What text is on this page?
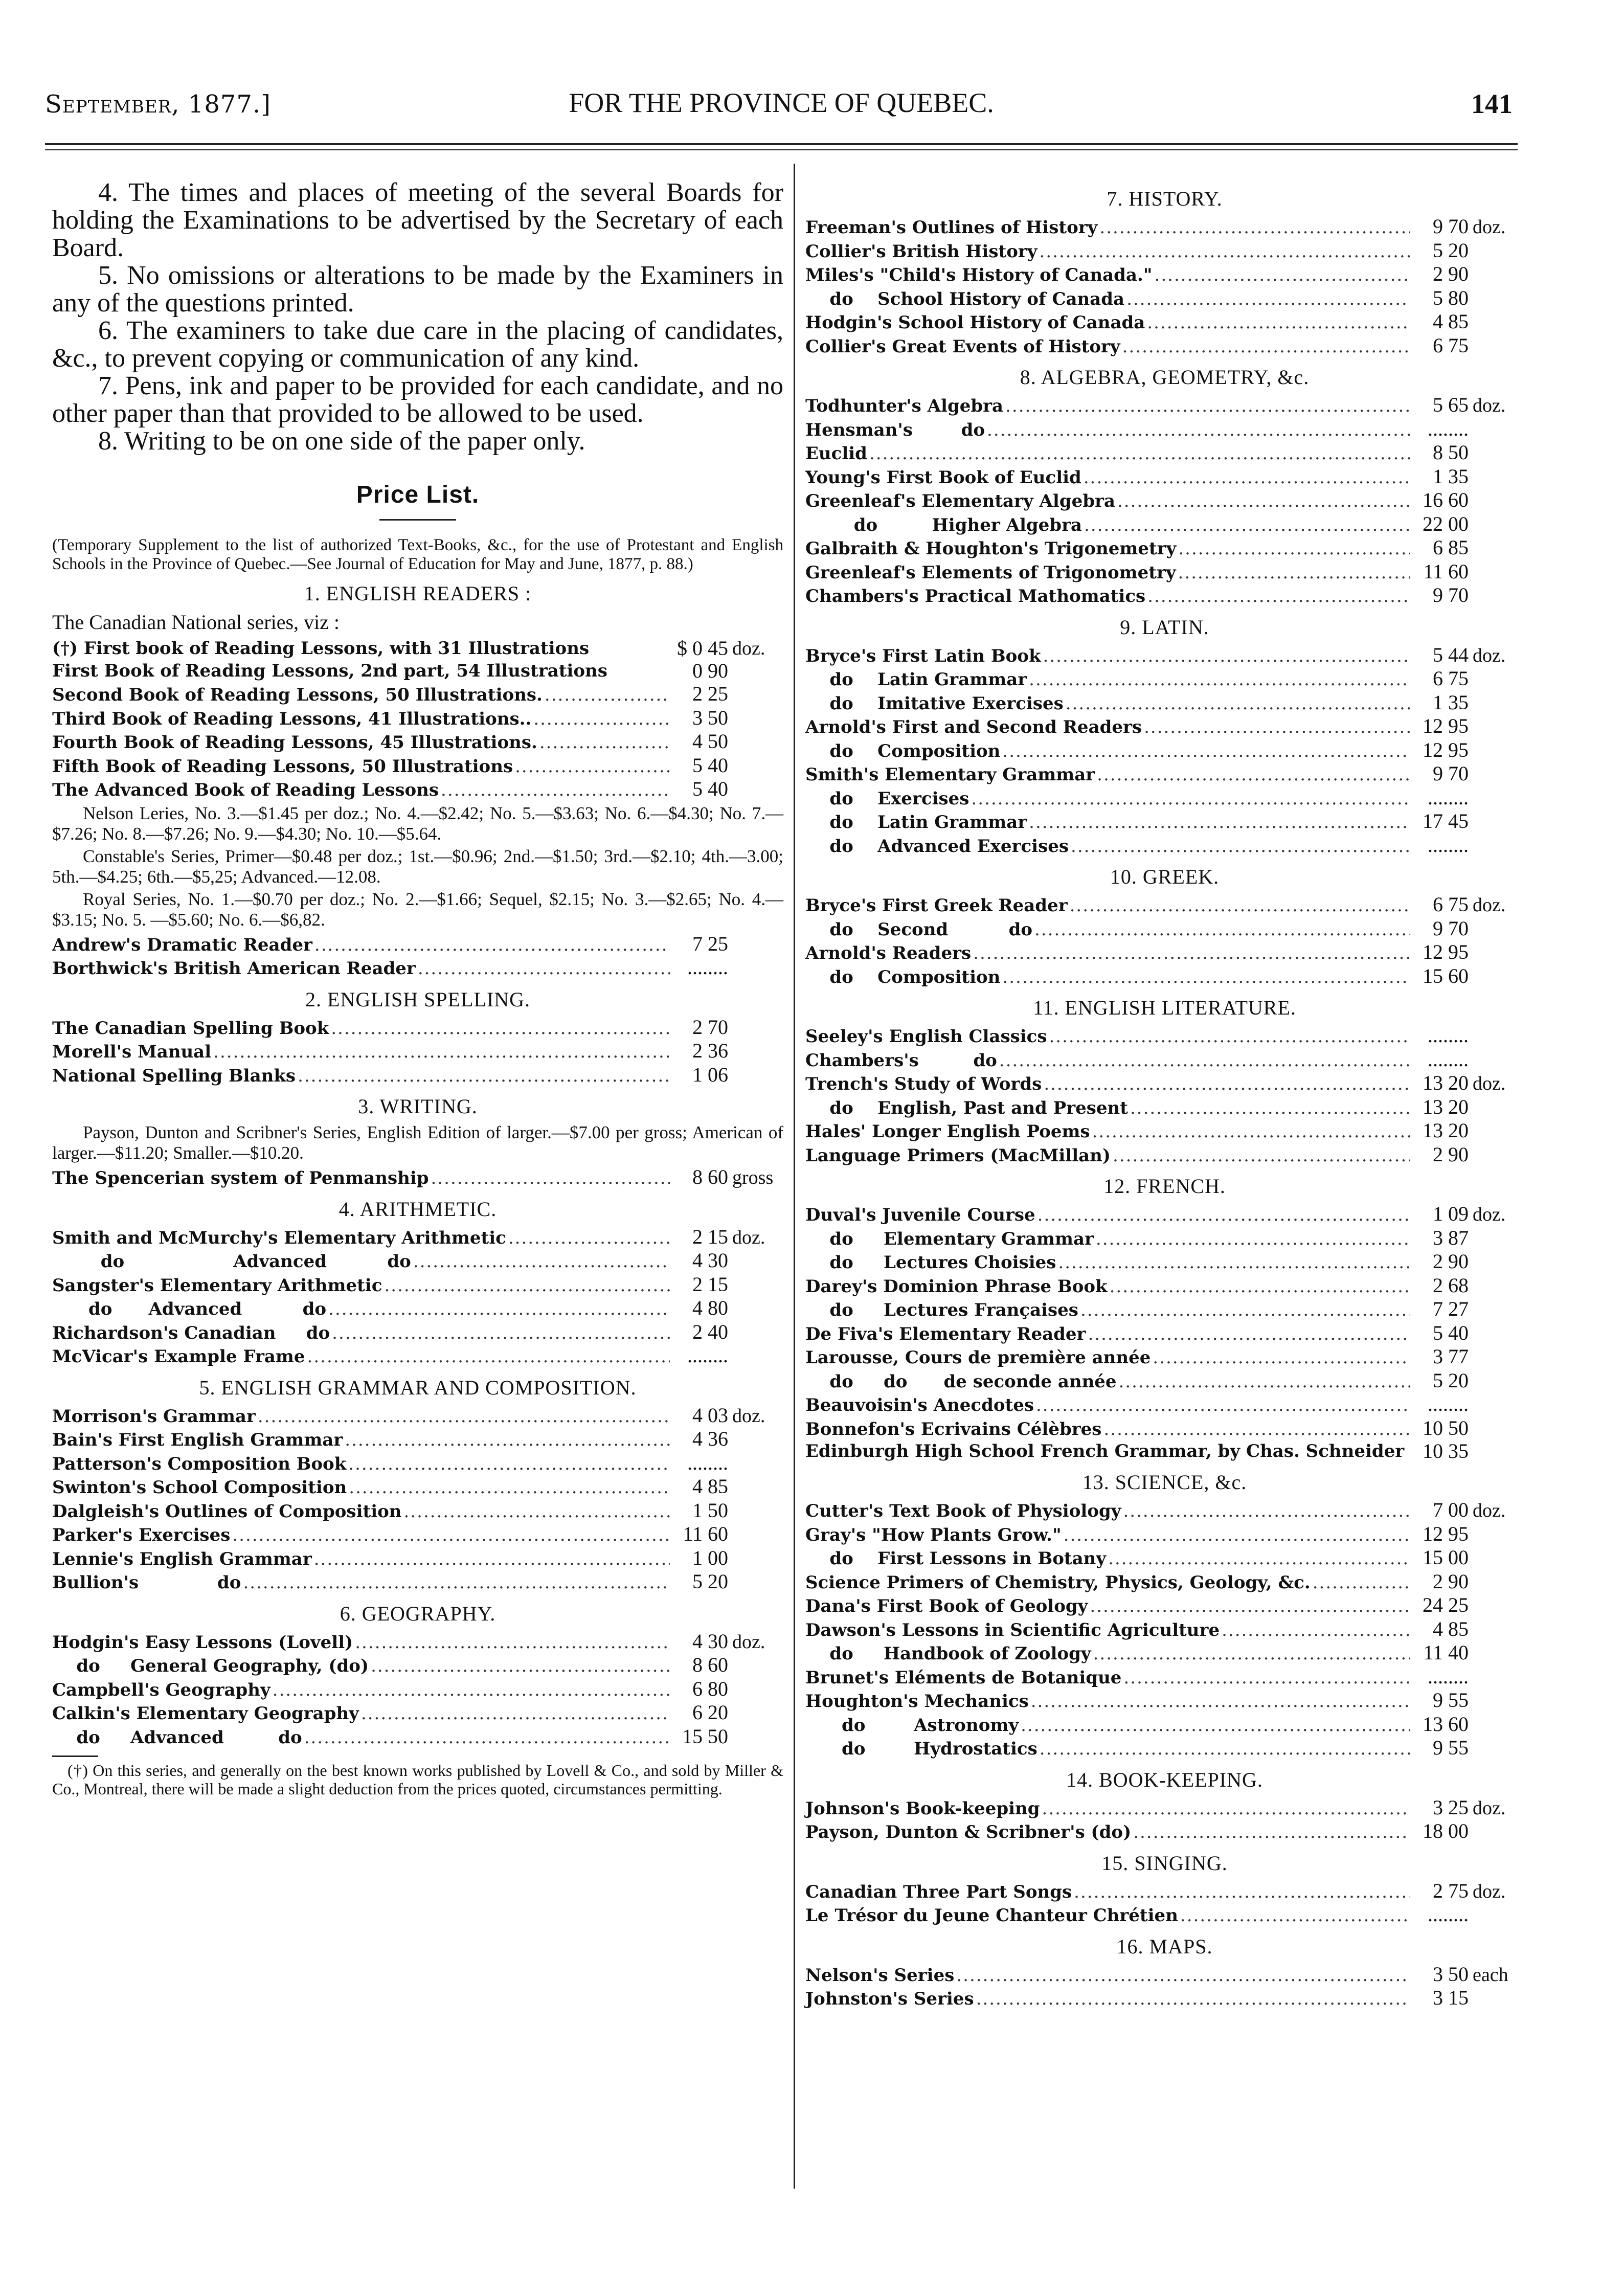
September, 1877.]	FOR THE PROVINCE OF QUEBEC.	141

4. The times and places of meeting of the several Boards for holding the Examinations to be advertised by the Secretary of each Board.

5. No omissions or alterations to be made by the Examiners in any of the questions printed.

6. The examiners to take due care in the placing of candidates, &c., to prevent copying or communication of any kind.

7. Pens, ink and paper to be provided for each candidate, and no other paper than that provided to be allowed to be used.

8. Writing to be on one side of the paper only.

Price List.

(Temporary Supplement to the list of authorized Text-Books, &c., for the use of Protestant and English Schools in the Province of Quebec.—See Journal of Education for May and June, 1877, p. 88.)

1. ENGLISH READERS :
The Canadian National series, viz :
(†) First book of Reading Lessons, with 31 Illustrations	$ 0 45 doz.
First Book of Reading Lessons, 2nd part, 54 Illustrations	0 90
Second Book of Reading Lessons, 50 Illustrations. .....	2 25
Third Book of Reading Lessons, 41 Illustrations.. .....	3 50
Fourth Book of Reading Lessons, 45 Illustrations. .....	4 50
Fifth Book of Reading Lessons, 50 Illustrations .....	5 40
The Advanced Book of Reading Lessons .....	5 40

Nelson Leries, No. 3.—$1.45 per doz.; No. 4.—$2.42; No. 5.—$3.63; No. 6.—$4.30; No. 7.—$7.26; No. 8.—$7.26; No. 9.—$4.30; No. 10.—$5.64.

Constable's Series, Primer—$0.48 per doz.; 1st.—$0.96; 2nd.—$1.50; 3rd.—$2.10; 4th.—3.00; 5th.—$4.25; 6th.—$5,25; Advanced.—12.08.

Royal Series, No. 1.—$0.70 per doz.; No. 2.—$1.66; Sequel, $2.15; No. 3.—$2.65; No. 4.—$3.15; No. 5. —$5.60; No. 6.—$6,82.

Andrew's Dramatic Reader .....	7 25
Borthwick's British American Reader .....	........
2. ENGLISH SPELLING.
The Canadian Spelling Book .....	2 70
Morell's Manual .....	2 36
National Spelling Blanks .....	1 06
3. WRITING.

Payson, Dunton and Scribner's Series, English Edition of larger.—$7.00 per gross; American of larger.—$11.20; Smaller.—$10.20.

The Spencerian system of Penmanship .....	8 60 gross
4. ARITHMETIC.
Smith and McMurchy's Elementary Arithmetic .....	2 15 doz.
do                  Advanced          do .....	4 30
Sangster's Elementary Arithmetic .....	2 15
do      Advanced          do .....	4 80
Richardson's Canadian     do .....	2 40
McVicar's Example Frame .....	........
5. ENGLISH GRAMMAR AND COMPOSITION.
Morrison's Grammar .....	4 03 doz.
Bain's First English Grammar .....	4 36
Patterson's Composition Book .....	........
Swinton's School Composition .....	4 85
Dalgleish's Outlines of Composition .....	1 50
Parker's Exercises .....	11 60
Lennie's English Grammar .....	1 00
Bullion's             do .....	5 20
6. GEOGRAPHY.
Hodgin's Easy Lessons (Lovell) .....	4 30 doz.
do     General Geography, (do) .....	8 60
Campbell's Geography .....	6 80
Calkin's Elementary Geography .....	6 20
do     Advanced         do .....	15 50
(†) On this series, and generally on the best known works published by Lovell & Co., and sold by Miller & Co., Montreal, there will be made a slight deduction from the prices quoted, circumstances permitting.
7. HISTORY.
Freeman's Outlines of History .....	9 70 doz.
Collier's British History .....	5 20
Miles's "Child's History of Canada." .....	2 90
do    School History of Canada .....	5 80
Hodgin's School History of Canada .....	4 85
Collier's Great Events of History .....	6 75
8. ALGEBRA, GEOMETRY, &c.
Todhunter's Algebra .....	5 65 doz.
Hensman's        do .....	........
Euclid .....	8 50
Young's First Book of Euclid .....	1 35
Greenleaf's Elementary Algebra .....	16 60
do         Higher Algebra .....	22 00
Galbraith & Houghton's Trigonemetry .....	6 85
Greenleaf's Elements of Trigonometry .....	11 60
Chambers's Practical Mathomatics .....	9 70
9. LATIN.
Bryce's First Latin Book .....	5 44 doz.
do    Latin Grammar .....	6 75
do    Imitative Exercises .....	1 35
Arnold's First and Second Readers .....	12 95
do    Composition .....	12 95
Smith's Elementary Grammar .....	9 70
do    Exercises .....	........
do    Latin Grammar .....	17 45
do    Advanced Exercises .....	........
10. GREEK.
Bryce's First Greek Reader .....	6 75 doz.
do    Second          do .....	9 70
Arnold's Readers .....	12 95
do    Composition .....	15 60
11. ENGLISH LITERATURE.
Seeley's English Classics .....	........
Chambers's         do .....	........
Trench's Study of Words .....	13 20 doz.
do    English, Past and Present .....	13 20
Hales' Longer English Poems .....	13 20
Language Primers (MacMillan) .....	2 90
12. FRENCH.
Duval's Juvenile Course .....	1 09 doz.
do     Elementary Grammar .....	3 87
do     Lectures Choisies .....	2 90
Darey's Dominion Phrase Book .....	2 68
do     Lectures Françaises .....	7 27
De Fiva's Elementary Reader .....	5 40
Larousse, Cours de première année .....	3 77
do     do      de seconde année .....	5 20
Beauvoisin's Anecdotes .....	........
Bonnefon's Ecrivains Célèbres .....	10 50
Edinburgh High School French Grammar, by Chas. Schneider 10 35
13. SCIENCE, &c.
Cutter's Text Book of Physiology .....	7 00 doz.
Gray's "How Plants Grow." .....	12 95
do    First Lessons in Botany .....	15 00
Science Primers of Chemistry, Physics, Geology, &c. .....	2 90
Dana's First Book of Geology .....	24 25
Dawson's Lessons in Scientific Agriculture .....	4 85
do     Handbook of Zoology .....	11 40
Brunet's Eléments de Botanique .....	........
Houghton's Mechanics .....	9 55
do        Astronomy .....	13 60
do        Hydrostatics .....	9 55
14. BOOK-KEEPING.
Johnson's Book-keeping .....	3 25 doz.
Payson, Dunton & Scribner's (do) .....	18 00
15. SINGING.
Canadian Three Part Songs .....	2 75 doz.
Le Trésor du Jeune Chanteur Chrétien .....	........
16. MAPS.
Nelson's Series .....	3 50 each
Johnston's Series .....	3 15
